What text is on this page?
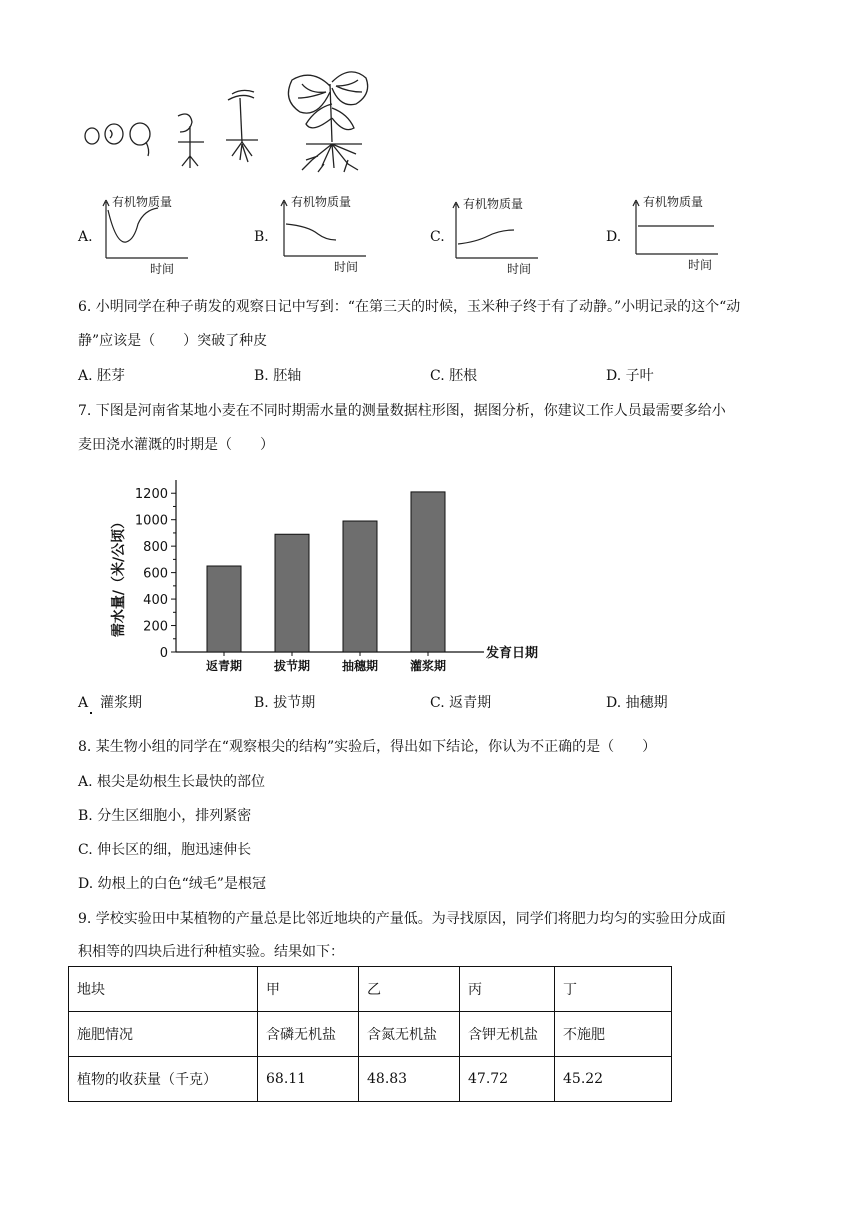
A.
有机物质量
时间
B.
有机物质量
时间
C.
有机物质量
时间
D.
有机物质量
时间
6. 小明同学在种子萌发的观察日记中写到：“在第三天的时候，玉米种子终于有了动静。”小明记录的这个“动
静”应该是（　　）突破了种皮
A. 胚芽	B. 胚轴	C. 胚根	D. 子叶
7. 下图是河南省某地小麦在不同时期需水量的测量数据柱形图，据图分析，你建议工作人员最需要多给小
麦田浇水灌溉的时期是（　　）
需水量/（米/公顷）
发育日期
0
200
400
600
800
1000
1200
返青期	拔节期	抽穗期	灌浆期
A 灌浆期	B. 拔节期	C. 返青期	D. 抽穗期
8. 某生物小组的同学在“观察根尖的结构”实验后，得出如下结论，你认为不正确的是（　　）
A. 根尖是幼根生长最快的部位
B. 分生区细胞小，排列紧密
C. 伸长区的细，胞迅速伸长
D. 幼根上的白色“绒毛”是根冠
9. 学校实验田中某植物的产量总是比邻近地块的产量低。为寻找原因，同学们将肥力均匀的实验田分成面
积相等的四块后进行种植实验。结果如下：
地块	甲	乙	丙	丁
施肥情况	含磷无机盐	含氮无机盐	含钾无机盐	不施肥
植物的收获量（千克）	68.11	48.83	47.72	45.22
